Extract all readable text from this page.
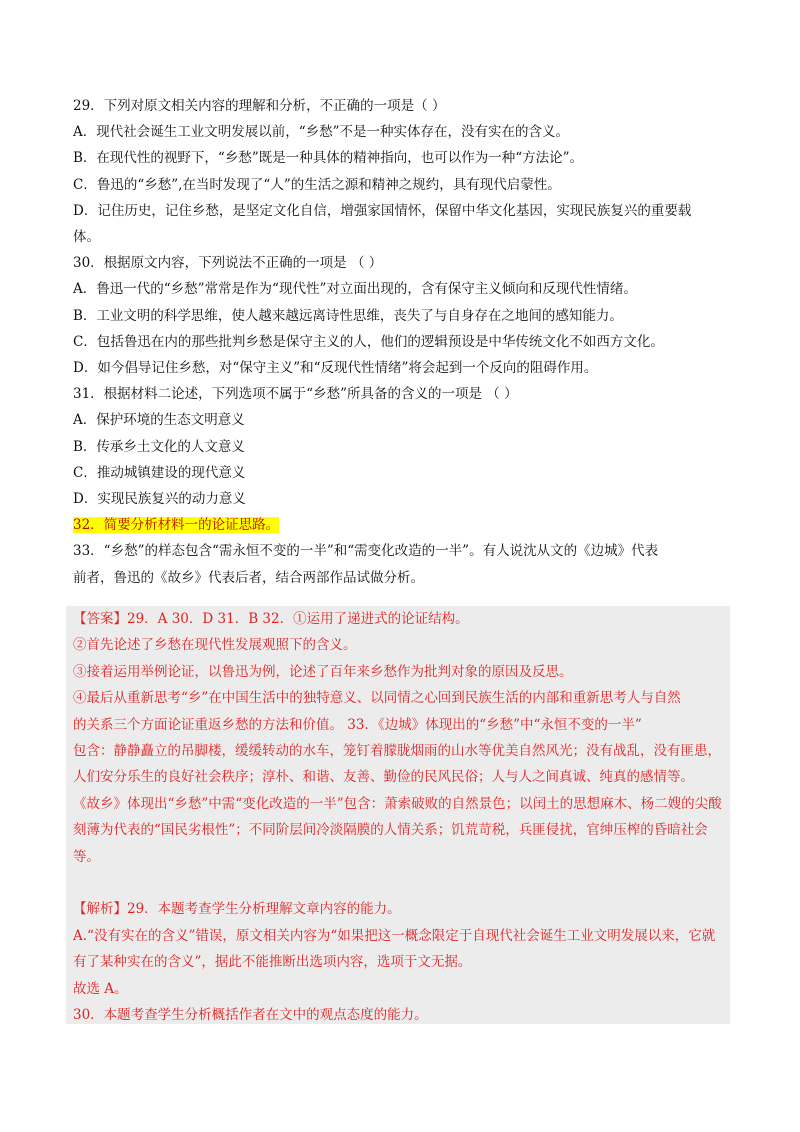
29．下列对原文相关内容的理解和分析，不正确的一项是（ ）
A．现代社会诞生工业文明发展以前，“乡愁”不是一种实体存在，没有实在的含义。
B．在现代性的视野下，“乡愁”既是一种具体的精神指向，也可以作为一种“方法论”。
C．鲁迅的“乡愁”,在当时发现了“人”的生活之源和精神之规约，具有现代启蒙性。
D．记住历史，记住乡愁，是坚定文化自信，增强家国情怀，保留中华文化基因，实现民族复兴的重要载
体。
30．根据原文内容，下列说法不正确的一项是 （ ）
A．鲁迅一代的“乡愁”常常是作为“现代性”对立面出现的，含有保守主义倾向和反现代性情绪。
B．工业文明的科学思维，使人越来越远离诗性思维，丧失了与自身存在之地间的感知能力。
C．包括鲁迅在内的那些批判乡愁是保守主义的人，他们的逻辑预设是中华传统文化不如西方文化。
D．如今倡导记住乡愁，对“保守主义”和“反现代性情绪”将会起到一个反向的阻碍作用。
31．根据材料二论述，下列选项不属于“乡愁”所具备的含义的一项是 （ ）
A．保护环境的生态文明意义
B．传承乡土文化的人文意义
C．推动城镇建设的现代意义
D．实现民族复兴的动力意义
32．简要分析材料一的论证思路。
33．“乡愁”的样态包含“需永恒不变的一半”和“需变化改造的一半”。有人说沈从文的《边城》代表
前者，鲁迅的《故乡》代表后者，结合两部作品试做分析。
【答案】29．A 30．D 31．B 32．①运用了递进式的论证结构。
②首先论述了乡愁在现代性发展观照下的含义。
③接着运用举例论证，以鲁迅为例，论述了百年来乡愁作为批判对象的原因及反思。
④最后从重新思考“乡”在中国生活中的独特意义、以同情之心回到民族生活的内部和重新思考人与自然
的关系三个方面论证重返乡愁的方法和价值。 33．《边城》体现出的“乡愁”中“永恒不变的一半”
包含：静静矗立的吊脚楼，缓缓转动的水车，笼钉着朦胧烟雨的山水等优美自然风光；没有战乱，没有匪患，人们安分乐生的良好社会秩序；淳朴、和谐、友善、勤俭的民风民俗；人与人之间真诚、纯真的感情等。
《故乡》体现出“乡愁”中需“变化改造的一半”包含：萧索破败的自然景色；以闰土的思想麻木、杨二嫂的尖酸刻薄为代表的“国民劣根性”；不同阶层间冷淡隔膜的人情关系；饥荒苛税，兵匪侵扰，官绅压榨的昏暗社会等。
【解析】29．本题考查学生分析理解文章内容的能力。
A.“没有实在的含义”错误，原文相关内容为“如果把这一概念限定于自现代社会诞生工业文明发展以来，它就有了某种实在的含义”，据此不能推断出选项内容，选项于文无据。
故选 A。
30．本题考查学生分析概括作者在文中的观点态度的能力。
